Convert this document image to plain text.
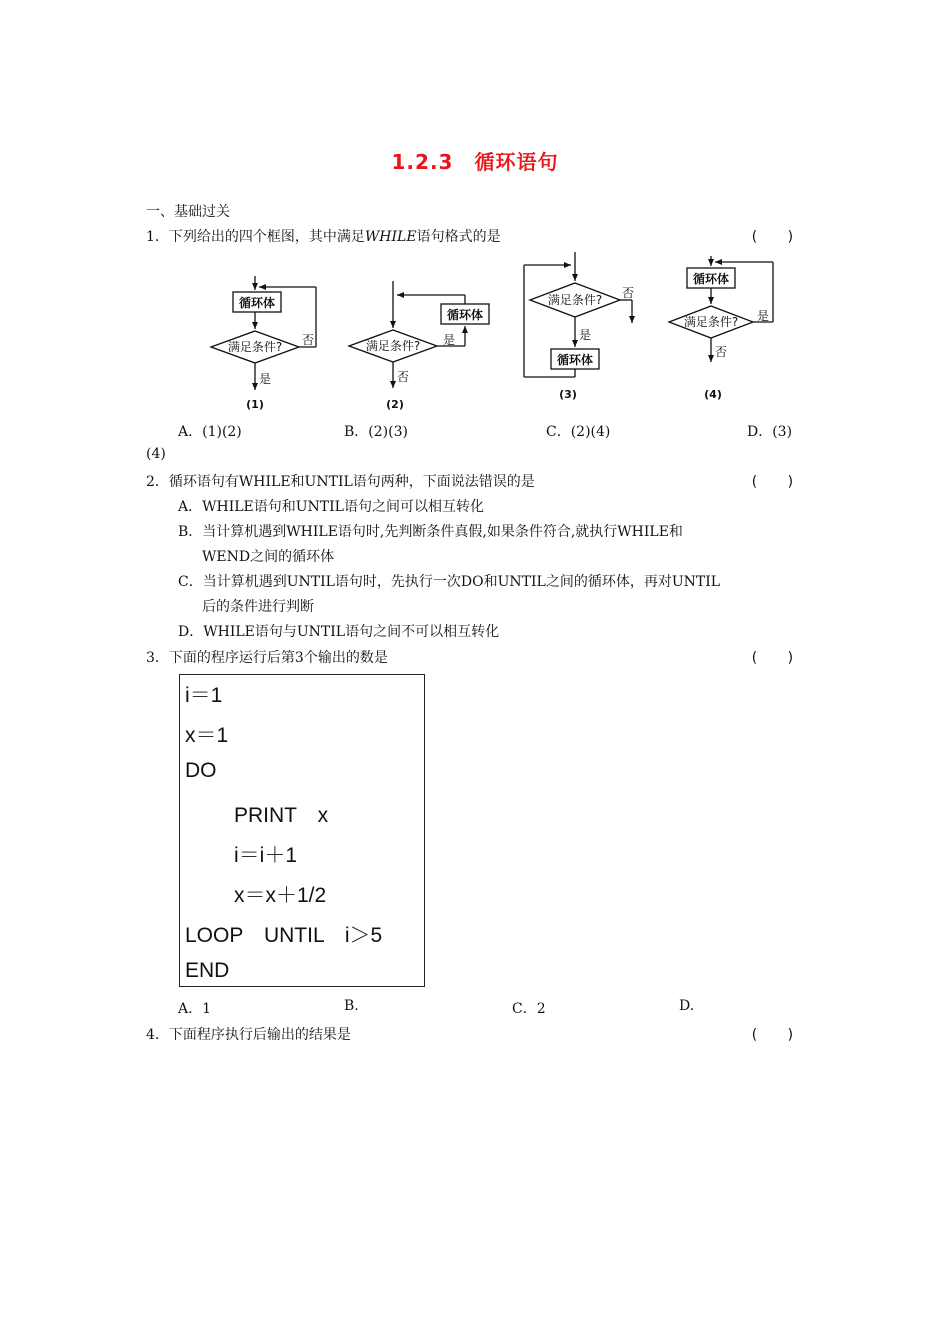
1.2.3　循环语句
一、基础过关
1．下列给出的四个框图，其中满足WHILE语句格式的是	(　　)
循环体
满足条件? 否
是
(1)
满足条件?
循环体
是
否
(2)
满足条件? 否
是
循环体
(3)
循环体
满足条件? 是
否
(4)
A．(1)(2)	B．(2)(3)	C．(2)(4)	D．(3)
(4)
2．循环语句有WHILE和UNTIL语句两种，下面说法错误的是	(　　)
A．WHILE语句和UNTIL语句之间可以相互转化
B．当计算机遇到WHILE语句时,先判断条件真假,如果条件符合,就执行WHILE和
WEND之间的循环体
C．当计算机遇到UNTIL语句时，先执行一次DO和UNTIL之间的循环体，再对UNTIL
后的条件进行判断
D．WHILE语句与UNTIL语句之间不可以相互转化
3．下面的程序运行后第3个输出的数是	(　　)
i＝1
x＝1
DO
PRINT　x
i＝i＋1
x＝x＋1/2
LOOP　UNTIL　i＞5
END
A．1	B.	C．2	D.
4．下面程序执行后输出的结果是	(　　)
